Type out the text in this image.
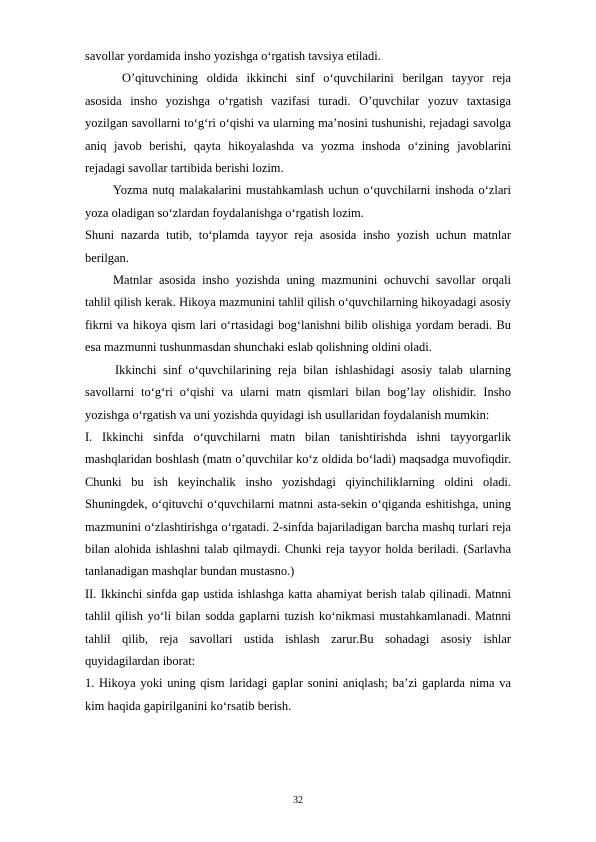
savollar yordamida insho yozishga o‘rgatish tavsiya etiladi.

O’qituvchining oldida ikkinchi sinf o‘quvchilarini berilgan tayyor reja asosida insho yozishga o‘rgatish vazifasi turadi. O’quvchilar yozuv taxtasiga yozilgan savollarni to‘g‘ri o‘qishi va ularning ma’nosini tushunishi, rejadagi savolga aniq javob berishi, qayta hikoyalashda va yozma inshoda o‘zining javoblarini rejadagi savollar tartibida berishi lozim.

Yozma nutq malakalarini mustahkamlash uchun o‘quvchilarni inshoda o‘zlari yoza oladigan so‘zlardan foydalanishga o‘rgatish lozim.

Shuni nazarda tutib, to‘plamda tayyor reja asosida insho yozish uchun matnlar berilgan.

Matnlar asosida insho yozishda uning mazmunini ochuvchi savollar orqali tahlil qilish kerak. Hikoya mazmunini tahlil qilish o‘quvchilarning hikoyadagi asosiy fikrni va hikoya qism lari o‘rtasidagi bog‘lanishni bilib olishiga yordam beradi. Bu esa mazmunni tushunmasdan shunchaki eslab qolishning oldini oladi.

Ikkinchi sinf o‘quvchilarining reja bilan ishlashidagi asosiy talab ularning savollarni to‘g‘ri o‘qishi va ularni matn qismlari bilan bog’lay olishidir. Insho yozishga o‘rgatish va uni yozishda quyidagi ish usullaridan foydalanish mumkin:

I. Ikkinchi sinfda o‘quvchilarni matn bilan tanishtirishda ishni tayyorgarlik mashqlaridan boshlash (matn o’quvchilar ko‘z oldida bo‘ladi) maqsadga muvofiqdir. Chunki bu ish keyinchalik insho yozishdagi qiyinchiliklarning oldini oladi. Shuningdek, o‘qituvchi o‘quvchilarni matnni asta-sekin o‘qiganda eshitishga, uning mazmunini o‘zlashtirishga o‘rgatadi. 2-sinfda bajariladigan barcha mashq turlari reja bilan alohida ishlashni talab qilmaydi. Chunki reja tayyor holda beriladi. (Sarlavha tanlanadigan mashqlar bundan mustasno.)

II. Ikkinchi sinfda gap ustida ishlashga katta ahamiyat berish talab qilinadi. Matnni tahlil qilish yo‘li bilan sodda gaplarni tuzish ko‘nikmasi mustahkamlanadi. Matnni tahlil qilib, reja savollari ustida ishlash zarur.Bu sohadagi asosiy ishlar quyidagilardan iborat:

1. Hikoya yoki uning qism laridagi gaplar sonini aniqlash; ba’zi gaplarda nima va kim haqida gapirilganini ko‘rsatib berish.

32
